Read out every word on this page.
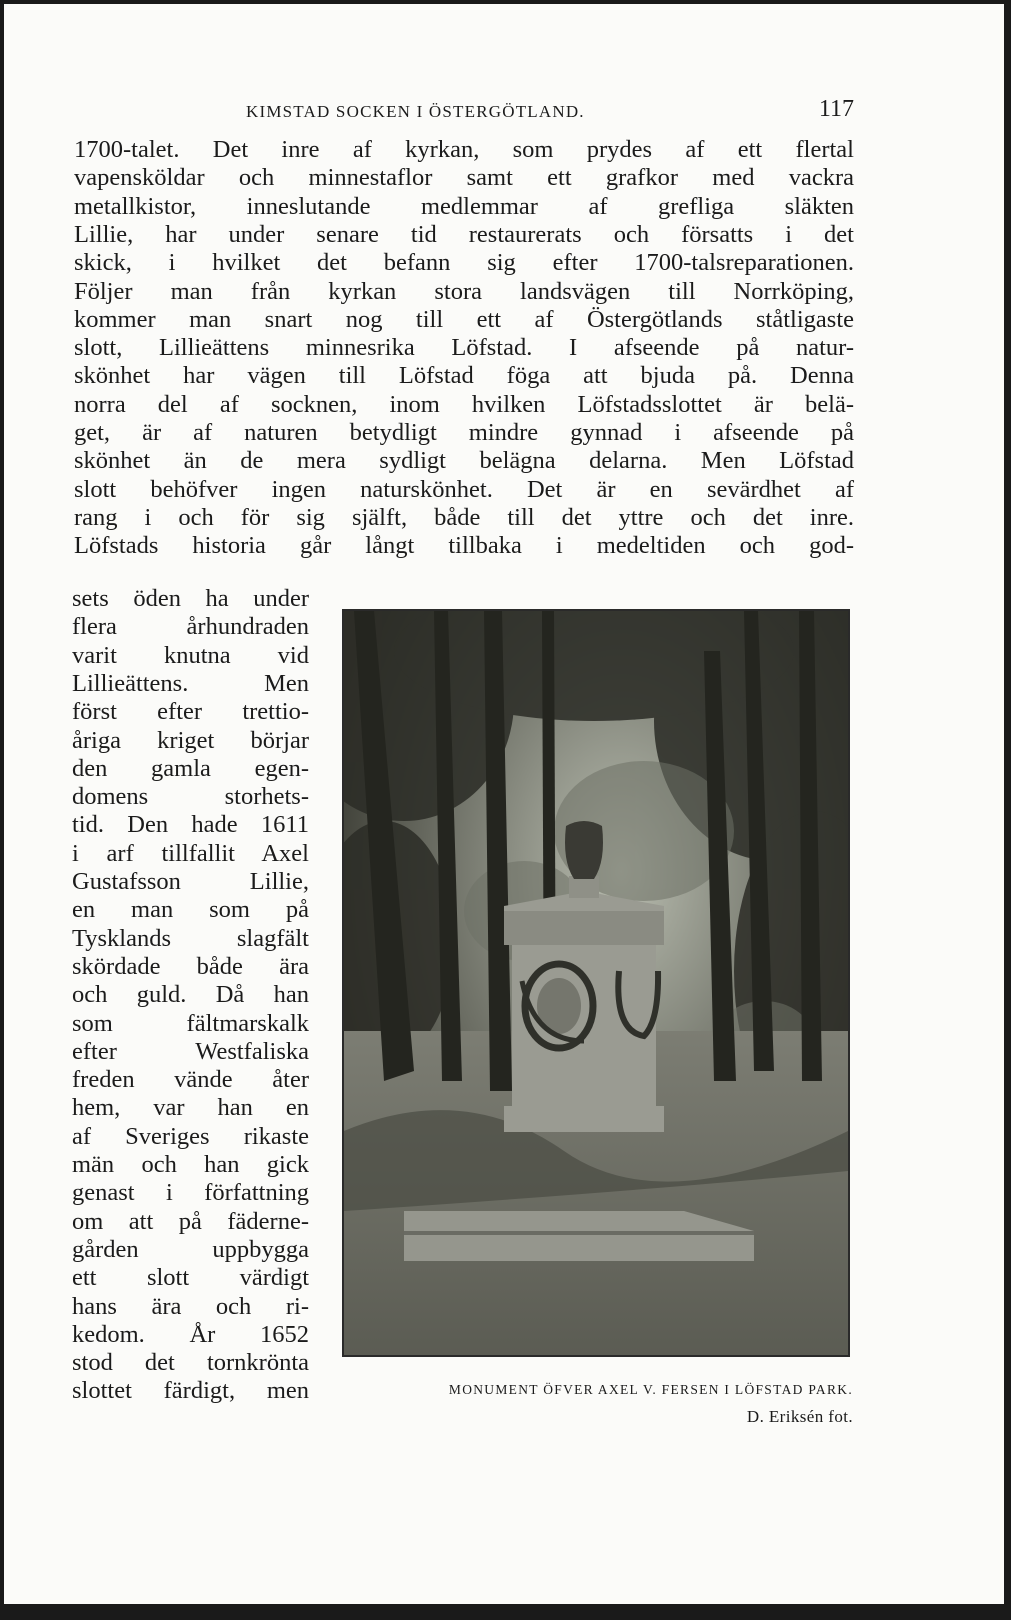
KIMSTAD SOCKEN I ÖSTERGÖTLAND.	117
1700-talet. Det inre af kyrkan, som prydes af ett flertal
vapensköldar och minnestaflor samt ett grafkor med vackra
metallkistor, inneslutande medlemmar af grefliga släkten
Lillie, har under senare tid restaurerats och försatts i det
skick, i hvilket det befann sig efter 1700-talsreparationen.
Följer man från kyrkan stora landsvägen till Norrköping,
kommer man snart nog till ett af Östergötlands ståtligaste
slott, Lillieättens minnesrika Löfstad. I afseende på natur-
skönhet har vägen till Löfstad föga att bjuda på. Denna
norra del af socknen, inom hvilken Löfstadsslottet är belä-
get, är af naturen betydligt mindre gynnad i afseende på
skönhet än de mera sydligt belägna delarna. Men Löfstad
slott behöfver ingen naturskönhet. Det är en sevärdhet af
rang i och för sig själft, både till det yttre och det inre.
Löfstads historia går långt tillbaka i medeltiden och god-
sets öden ha under
flera århundraden
varit knutna vid
Lillieättens. Men
först efter trettio-
åriga kriget börjar
den gamla egen-
domens storhets-
tid. Den hade 1611
i arf tillfallit Axel
Gustafsson Lillie,
en man som på
Tysklands slagfält
skördade både ära
och guld. Då han
som fältmarskalk
efter Westfaliska
freden vände åter
hem, var han en
af Sveriges rikaste
män och han gick
genast i författning
om att på fäderne-
gården uppbygga
ett slott värdigt
hans ära och ri-
kedom. År 1652
stod det tornkrönta
slottet färdigt, men	MONUMENT ÖFVER AXEL V. FERSEN I LÖFSTAD PARK.
D. Eriksén fot.
